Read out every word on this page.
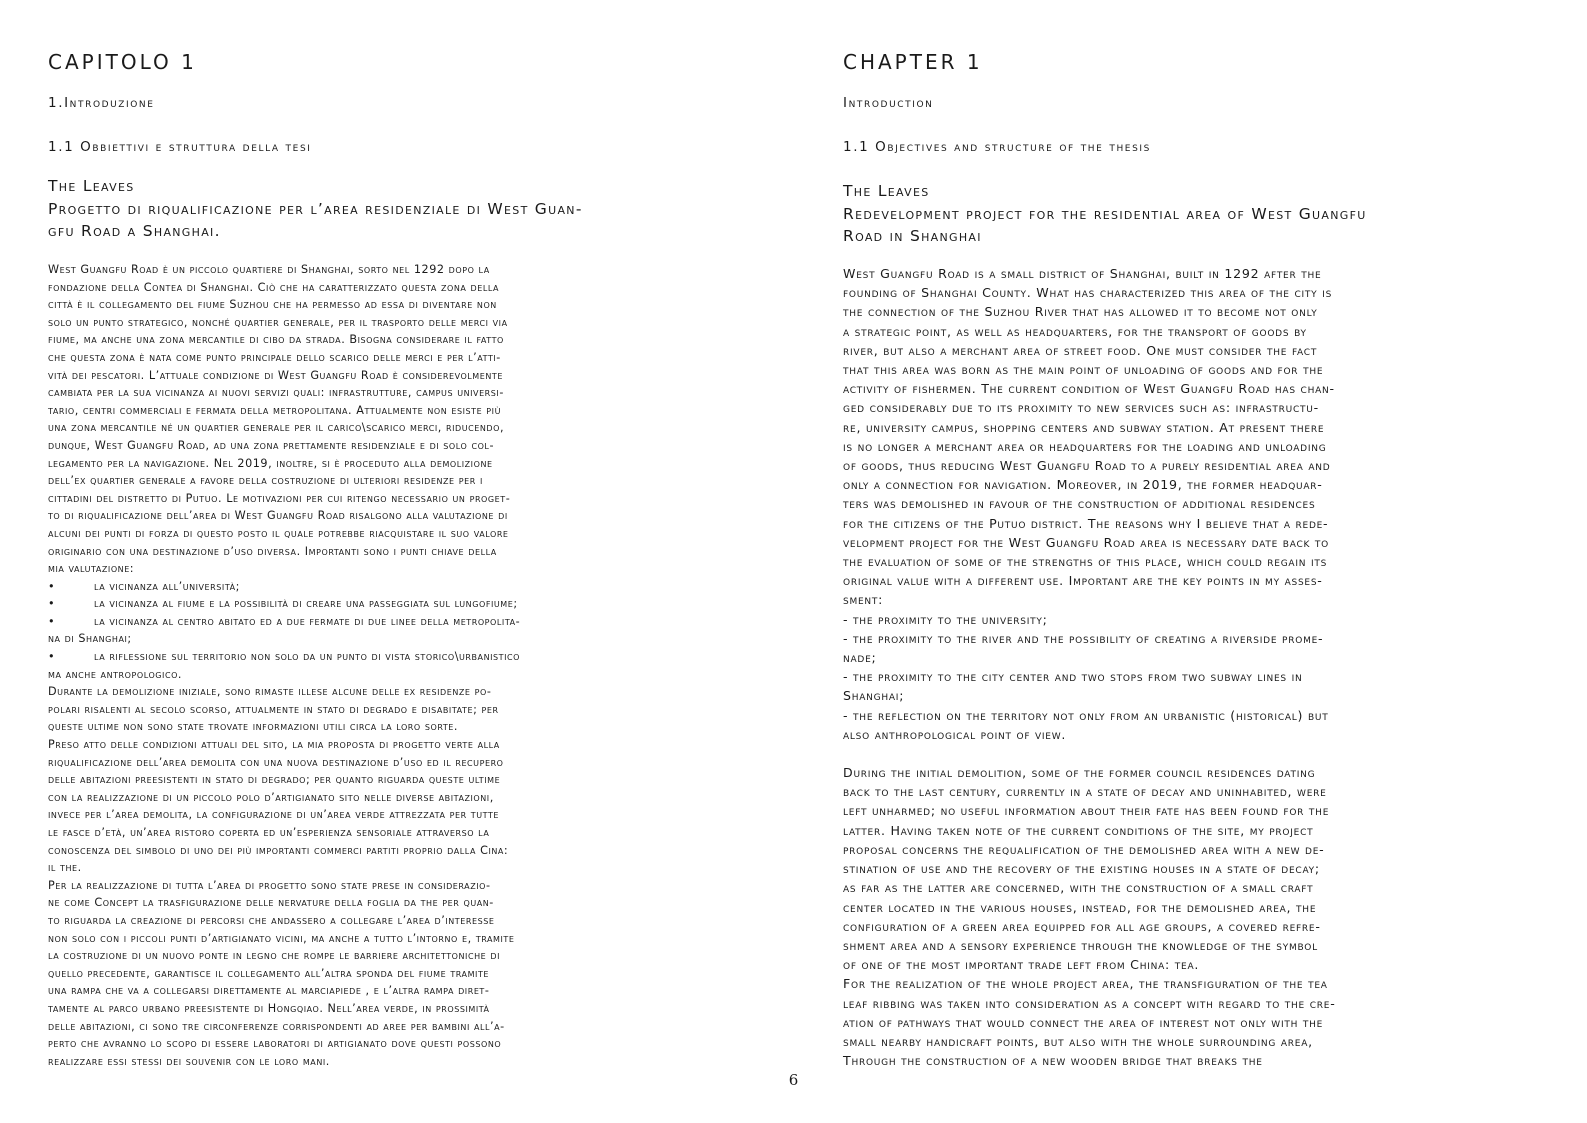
CAPITOLO 1
1.Introduzione
1.1 Obbiettivi e struttura della tesi
The Leaves
Progetto di riqualificazione per l’area residenziale di West Guan-
gfu Road a Shanghai.
West Guangfu Road è un piccolo quartiere di Shanghai, sorto nel 1292 dopo la
fondazione della Contea di Shanghai. Ciò che ha caratterizzato questa zona della
città è il collegamento del fiume Suzhou che ha permesso ad essa di diventare non
solo un punto strategico, nonché quartier generale, per il trasporto delle merci via
fiume, ma anche una zona mercantile di cibo da strada. Bisogna considerare il fatto
che questa zona è nata come punto principale dello scarico delle merci e per l’atti-
vità dei pescatori. L’attuale condizione di West Guangfu Road è considerevolmente
cambiata per la sua vicinanza ai nuovi servizi quali: infrastrutture, campus universi-
tario, centri commerciali e fermata della metropolitana. Attualmente non esiste più
una zona mercantile né un quartier generale per il carico\scarico merci, riducendo,
dunque, West Guangfu Road, ad una zona prettamente residenziale e di solo col-
legamento per la navigazione. Nel 2019, inoltre, si è proceduto alla demolizione
dell’ex quartier generale a favore della costruzione di ulteriori residenze per i
cittadini del distretto di Putuo. Le motivazioni per cui ritengo necessario un proget-
to di riqualificazione dell’area di West Guangfu Road risalgono alla valutazione di
alcuni dei punti di forza di questo posto il quale potrebbe riacquistare il suo valore
originario con una destinazione d’uso diversa. Importanti sono i punti chiave della
mia valutazione:
•	la vicinanza all’università;
•	la vicinanza al fiume e la possibilità di creare una passeggiata sul lungofiume;
•	la vicinanza al centro abitato ed a due fermate di due linee della metropolita-
na di Shanghai;
•	la riflessione sul territorio non solo da un punto di vista storico\urbanistico
ma anche antropologico.
Durante la demolizione iniziale, sono rimaste illese alcune delle ex residenze po-
polari risalenti al secolo scorso, attualmente in stato di degrado e disabitate; per
queste ultime non sono state trovate informazioni utili circa la loro sorte.
Preso atto delle condizioni attuali del sito, la mia proposta di progetto verte alla
riqualificazione dell’area demolita con una nuova destinazione d’uso ed il recupero
delle abitazioni preesistenti in stato di degrado; per quanto riguarda queste ultime
con la realizzazione di un piccolo polo d’artigianato sito nelle diverse abitazioni,
invece per l’area demolita, la configurazione di un’area verde attrezzata per tutte
le fasce d’età, un’area ristoro coperta ed un’esperienza sensoriale attraverso la
conoscenza del simbolo di uno dei più importanti commerci partiti proprio dalla Cina:
il the.
Per la realizzazione di tutta l’area di progetto sono state prese in considerazio-
ne come Concept la trasfigurazione delle nervature della foglia da the per quan-
to riguarda la creazione di percorsi che andassero a collegare l’area d’interesse
non solo con i piccoli punti d’artigianato vicini, ma anche a tutto l’intorno e, tramite
la costruzione di un nuovo ponte in legno che rompe le barriere architettoniche di
quello precedente, garantisce il collegamento all’altra sponda del fiume tramite
una rampa che va a collegarsi direttamente al marciapiede , e l’altra rampa diret-
tamente al parco urbano preesistente di Hongqiao. Nell’area verde, in prossimità
delle abitazioni, ci sono tre circonferenze corrispondenti ad aree per bambini all’a-
perto che avranno lo scopo di essere laboratori di artigianato dove questi possono
realizzare essi stessi dei souvenir con le loro mani.
CHAPTER 1
Introduction
1.1 Objectives and structure of the thesis
The Leaves
Redevelopment project for the residential area of West Guangfu
Road in Shanghai
West Guangfu Road is a small district of Shanghai, built in 1292 after the
founding of Shanghai County. What has characterized this area of the city is
the connection of the Suzhou River that has allowed it to become not only
a strategic point, as well as headquarters, for the transport of goods by
river, but also a merchant area of street food. One must consider the fact
that this area was born as the main point of unloading of goods and for the
activity of fishermen. The current condition of West Guangfu Road has chan-
ged considerably due to its proximity to new services such as: infrastructu-
re, university campus, shopping centers and subway station. At present there
is no longer a merchant area or headquarters for the loading and unloading
of goods, thus reducing West Guangfu Road to a purely residential area and
only a connection for navigation. Moreover, in 2019, the former headquar-
ters was demolished in favour of the construction of additional residences
for the citizens of the Putuo district. The reasons why I believe that a rede-
velopment project for the West Guangfu Road area is necessary date back to
the evaluation of some of the strengths of this place, which could regain its
original value with a different use. Important are the key points in my asses-
sment:
- the proximity to the university;
- the proximity to the river and the possibility of creating a riverside prome-
nade;
- the proximity to the city center and two stops from two subway lines in
Shanghai;
- the reflection on the territory not only from an urbanistic (historical) but
also anthropological point of view.
During the initial demolition, some of the former council residences dating
back to the last century, currently in a state of decay and uninhabited, were
left unharmed; no useful information about their fate has been found for the
latter. Having taken note of the current conditions of the site, my project
proposal concerns the requalification of the demolished area with a new de-
stination of use and the recovery of the existing houses in a state of decay;
as far as the latter are concerned, with the construction of a small craft
center located in the various houses, instead, for the demolished area, the
configuration of a green area equipped for all age groups, a covered refre-
shment area and a sensory experience through the knowledge of the symbol
of one of the most important trade left from China: tea.
For the realization of the whole project area, the transfiguration of the tea
leaf ribbing was taken into consideration as a concept with regard to the cre-
ation of pathways that would connect the area of interest not only with the
small nearby handicraft points, but also with the whole surrounding area,
Through the construction of a new wooden bridge that breaks the
6
